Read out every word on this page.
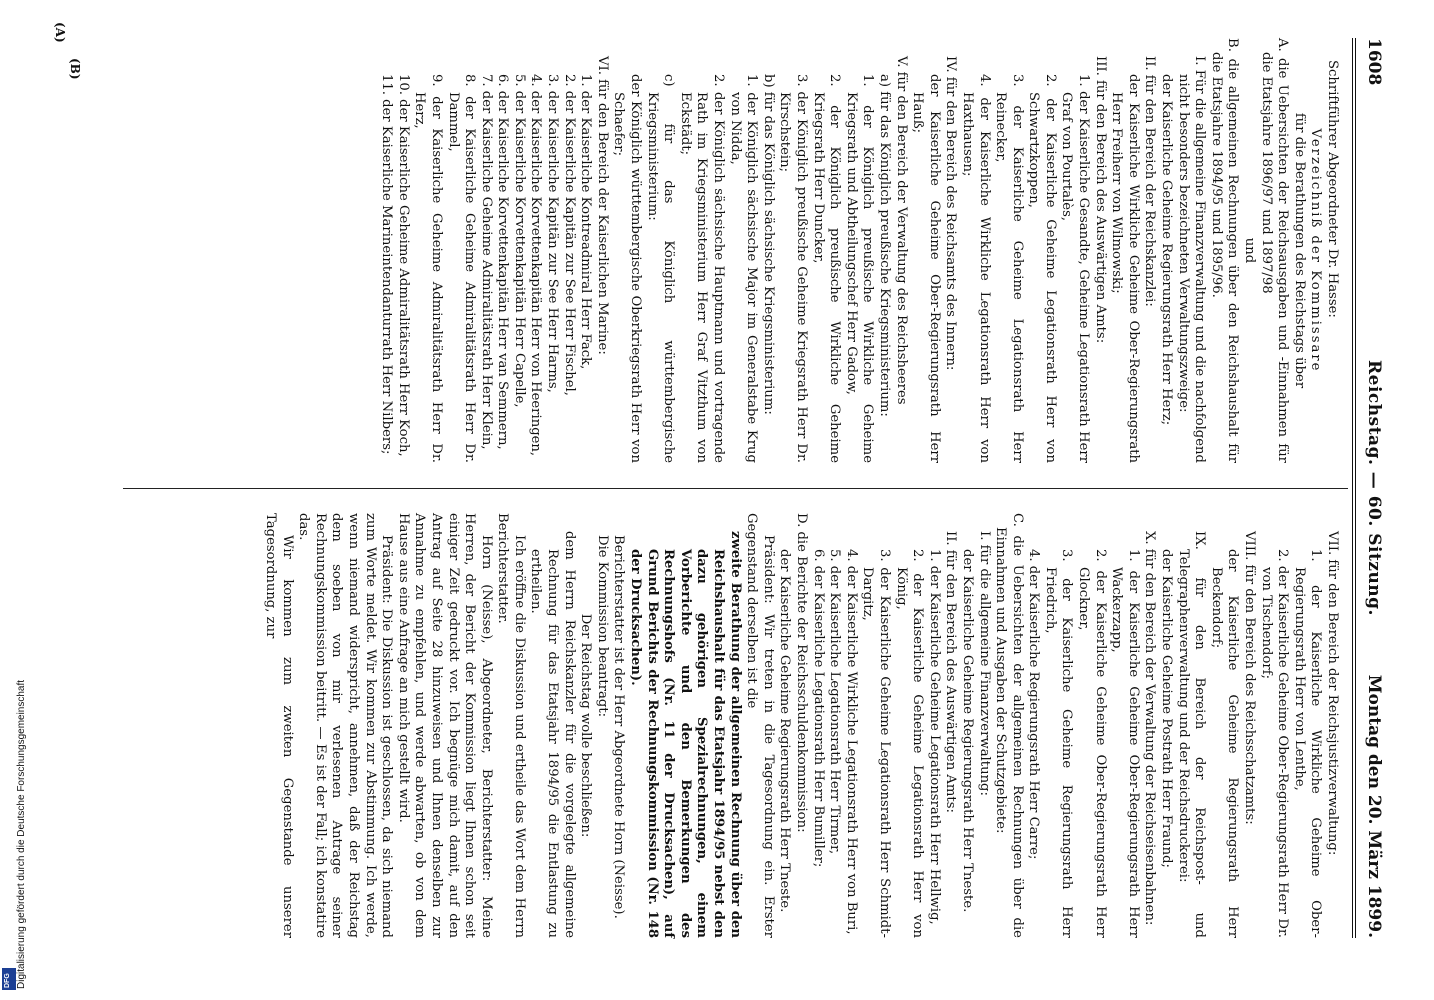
1608
Reichstag. — 60. Sitzung.
Montag den 20. März 1899.
(A)
(B)	Schriftführer Abgeordneter Dr. Hasse:

Verzeichniß der Kommissare

für die Berathungen des Reichstags über

A. die Uebersichten der Reichsausgaben und -Einnahmen für die Etatsjahre 1896/97 und 1897/98

und

B. die allgemeinen Rechnungen über den Reichshaushalt für die Etatsjahre 1894/95 und 1895/96.

I. Für die allgemeine Finanzverwaltung und die nachfolgend nicht besonders bezeichneten Verwaltungszweige:

der Kaiserliche Geheime Regierungsrath Herr Herz;

II. für den Bereich der Reichskanzlei:

der Kaiserliche Wirkliche Geheime Ober-Regierungsrath Herr Freiherr von Wilmowski;

III. für den Bereich des Auswärtigen Amts:

1. der Kaiserliche Gesandte, Geheime Legationsrath Herr Graf von Pourtalès,

2. der Kaiserliche Geheime Legationsrath Herr von Schwartzkoppen,

3. der Kaiserliche Geheime Legationsrath Herr Reinecker,

4. der Kaiserliche Wirkliche Legationsrath Herr von Haxthausen;

IV. für den Bereich des Reichsamts des Innern:

der Kaiserliche Geheime Ober-Regierungsrath Herr Hauß;

V. für den Bereich der Verwaltung des Reichsheeres

a) für das Königlich preußische Kriegsministerium:

1. der Königlich preußische Wirkliche Geheime Kriegsrath und Abtheilungschef Herr Gadow,

2. der Königlich preußische Wirkliche Geheime Kriegsrath Herr Duncker,

3. der Königlich preußische Geheime Kriegsrath Herr Dr. Kirschstein;

b) für das Königlich sächsische Kriegsministerium:

1. der Königlich sächsische Major im Generalstabe Krug von Nidda,

2. der Königlich sächsische Hauptmann und vortragende Rath im Kriegsministerium Herr Graf Vitzthum von Eckstädt;

c) für das Königlich württembergische Kriegsministerium:

der Königlich württembergische Oberkriegsrath Herr von Schaefer;

VI. für den Bereich der Kaiserlichen Marine:

1. der Kaiserliche Kontreadmiral Herr Fack,

2. der Kaiserliche Kapitän zur See Herr Fischel,

3. der Kaiserliche Kapitän zur See Herr Harms,

4. der Kaiserliche Korvettenkapitän Herr von Heeringen,

5. der Kaiserliche Korvettenkapitän Herr Capelle,

6. der Kaiserliche Korvettenkapitän Herr van Semmern,

7. der Kaiserliche Geheime Admiralitätsrath Herr Klein,

8. der Kaiserliche Geheime Admiralitätsrath Herr Dr. Dammel,

9. der Kaiserliche Geheime Admiralitätsrath Herr Dr. Herz,

10. der Kaiserliche Geheime Admiralitätsrath Herr Koch,

11. der Kaiserliche Marineintendanturrath Herr Nilbers;

VII. für den Bereich der Reichsjustizverwaltung:

1. der Kaiserliche Wirkliche Geheime Ober-Regierungsrath Herr von Lenthe,

2. der Kaiserliche Geheime Ober-Regierungsrath Herr Dr. von Tischendorf;

VIII. für den Bereich des Reichsschatzamts:

der Kaiserliche Geheime Regierungsrath Herr Beckendorf;

IX. für den Bereich der Reichspost- und Telegraphenverwaltung und der Reichsdruckerei:

der Kaiserliche Geheime Postrath Herr Fraund;

X. für den Bereich der Verwaltung der Reichseisenbahnen:

1. der Kaiserliche Geheime Ober-Regierungsrath Herr Wackerzapp,

2. der Kaiserliche Geheime Ober-Regierungsrath Herr Glockner,

3. der Kaiserliche Geheime Regierungsrath Herr Friedrich,

4. der Kaiserliche Regierungsrath Herr Carre;

C. die Uebersichten der allgemeinen Rechnungen über die Einnahmen und Ausgaben der Schutzgebiete:

I. für die allgemeine Finanzverwaltung:

der Kaiserliche Geheime Regierungsrath Herr Tneste.

II. für den Bereich des Auswärtigen Amts:

1. der Kaiserliche Geheime Legationsrath Herr Hellwig,

2. der Kaiserliche Geheime Legationsrath Herr von König,

3. der Kaiserliche Geheime Legationsrath Herr Schmidt-Dargitz,

4. der Kaiserliche Wirkliche Legationsrath Herr von Buri,

5. der Kaiserliche Legationsrath Herr Tirmer,

6. der Kaiserliche Legationsrath Herr Bumiller;

D. die Berichte der Reichsschuldenkommission:

der Kaiserliche Geheime Regierungsrath Herr Tneste.

Präsident: Wir treten in die Tagesordnung ein. Erster Gegenstand derselben ist die

zweite Berathung der allgemeinen Rechnung über den Reichshaushalt für das Etatsjahr 1894/95 nebst den dazu gehörigen Spezialrechnungen, einem Vorberichte und den Bemerkungen des Rechnungshofs (Nr. 11 der Drucksachen), auf Grund Berichts der Rechnungskommission (Nr. 148 der Drucksachen).

Berichterstatter ist der Herr Abgeordnete Horn (Neisse).

Die Kommission beantragt:

Der Reichstag wolle beschließen:

dem Herrn Reichskanzler für die vorgelegte allgemeine Rechnung für das Etatsjahr 1894/95 die Entlastung zu ertheilen.

Ich eröffne die Diskussion und ertheile das Wort dem Herrn Berichterstatter.

Horn (Neisse), Abgeordneter, Berichterstatter: Meine Herren, der Bericht der Kommission liegt Ihnen schon seit einiger Zeit gedruckt vor. Ich begnüge mich damit, auf den Antrag auf Seite 28 hinzuweisen und Ihnen denselben zur Annahme zu empfehlen, und werde abwarten, ob von dem Hause aus eine Anfrage an mich gestellt wird.

Präsident: Die Diskussion ist geschlossen, da sich niemand zum Worte meldet. Wir kommen zur Abstimmung. Ich werde, wenn niemand widerspricht, annehmen, daß der Reichstag dem soeben von mir verlesenen Antrage seiner Rechnungskommission beitritt. — Es ist der Fall; ich konstatire das.

Wir kommen zum zweiten Gegenstande unserer Tagesordnung, zur

Digitalisierung gefördert durch die Deutsche Forschungsgemeinschaft
DFG
